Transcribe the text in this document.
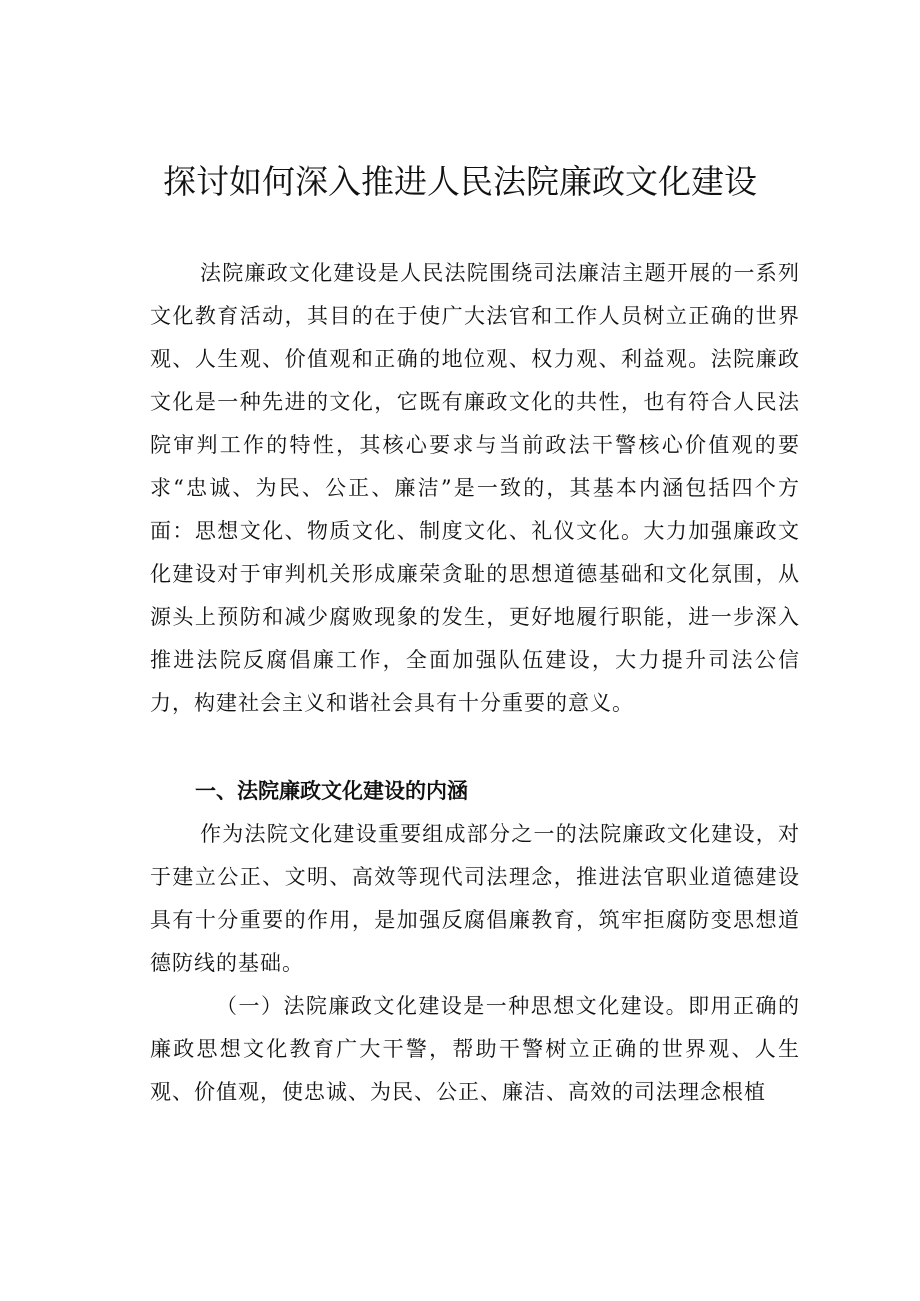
探讨如何深入推进人民法院廉政文化建设
法院廉政文化建设是人民法院围绕司法廉洁主题开展的一系列文化教育活动，其目的在于使广大法官和工作人员树立正确的世界观、人生观、价值观和正确的地位观、权力观、利益观。法院廉政文化是一种先进的文化，它既有廉政文化的共性，也有符合人民法院审判工作的特性，其核心要求与当前政法干警核心价值观的要求“忠诚、为民、公正、廉洁”是一致的，其基本内涵包括四个方面：思想文化、物质文化、制度文化、礼仪文化。大力加强廉政文化建设对于审判机关形成廉荣贪耻的思想道德基础和文化氛围，从源头上预防和减少腐败现象的发生，更好地履行职能，进一步深入推进法院反腐倡廉工作，全面加强队伍建设，大力提升司法公信力，构建社会主义和谐社会具有十分重要的意义。
一、法院廉政文化建设的内涵
作为法院文化建设重要组成部分之一的法院廉政文化建设，对于建立公正、文明、高效等现代司法理念，推进法官职业道德建设具有十分重要的作用，是加强反腐倡廉教育，筑牢拒腐防变思想道德防线的基础。
（一）法院廉政文化建设是一种思想文化建设。即用正确的廉政思想文化教育广大干警，帮助干警树立正确的世界观、人生观、价值观，使忠诚、为民、公正、廉洁、高效的司法理念根植
